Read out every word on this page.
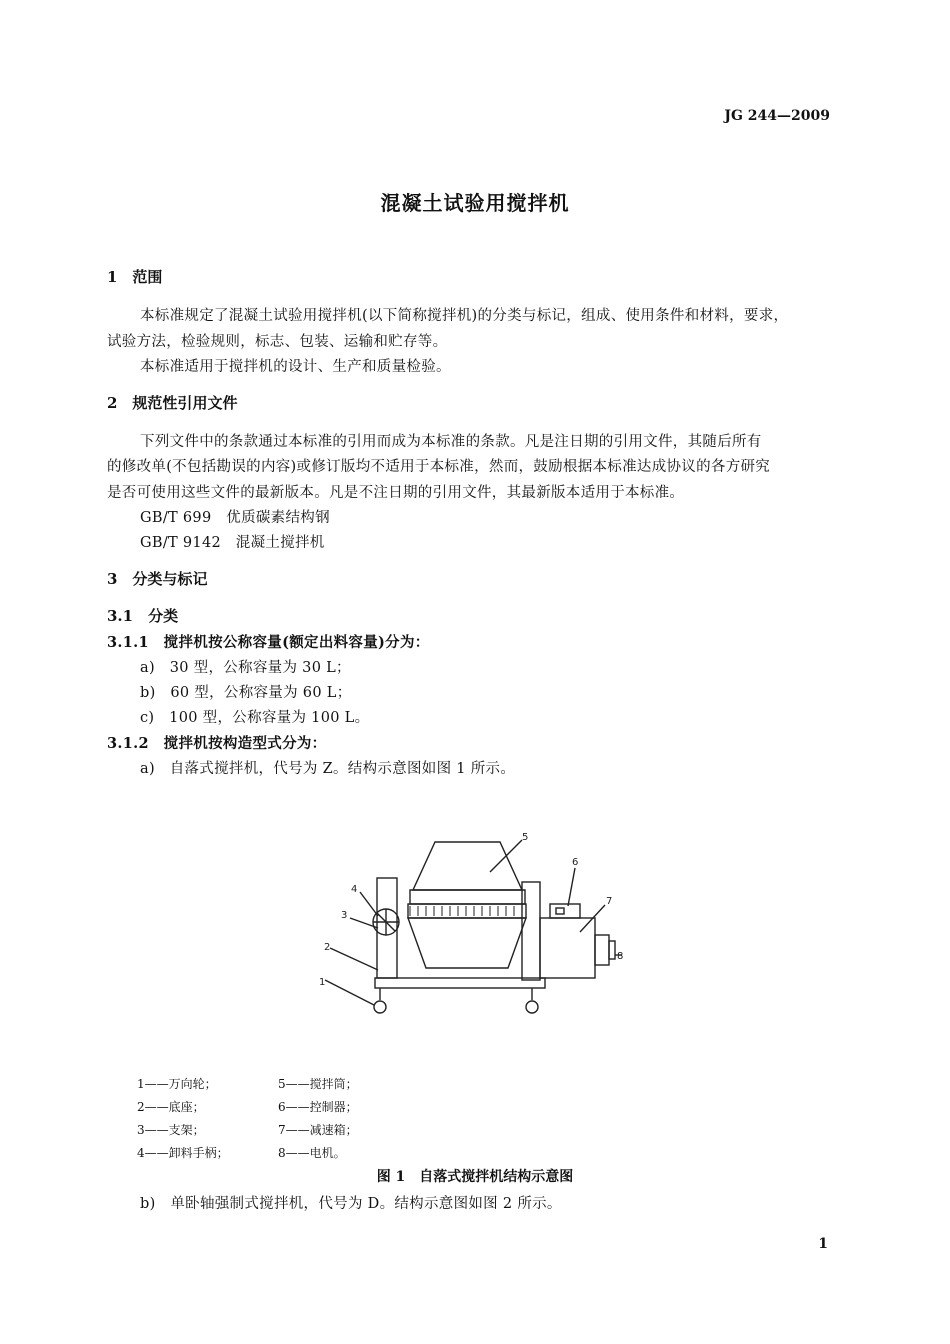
JG 244—2009
混凝土试验用搅拌机
1　范围
本标准规定了混凝土试验用搅拌机(以下简称搅拌机)的分类与标记，组成、使用条件和材料，要求，
试验方法，检验规则，标志、包装、运输和贮存等。
本标准适用于搅拌机的设计、生产和质量检验。
2　规范性引用文件
下列文件中的条款通过本标准的引用而成为本标准的条款。凡是注日期的引用文件，其随后所有
的修改单(不包括勘误的内容)或修订版均不适用于本标准，然而，鼓励根据本标准达成协议的各方研究
是否可使用这些文件的最新版本。凡是不注日期的引用文件，其最新版本适用于本标准。
GB/T 699　优质碳素结构钢
GB/T 9142　混凝土搅拌机
3　分类与标记
3.1　分类
3.1.1　搅拌机按公称容量(额定出料容量)分为：
a)　30 型，公称容量为 30 L；
b)　60 型，公称容量为 60 L；
c)　100 型，公称容量为 100 L。
3.1.2　搅拌机按构造型式分为：
a)　自落式搅拌机，代号为 Z。结构示意图如图 1 所示。
1
2
3
4
5
6
7
8
1——万向轮；
2——底座；
3——支架；
4——卸料手柄；
5——搅拌筒；
6——控制器；
7——减速箱；
8——电机。
图 1　自落式搅拌机结构示意图
b)　单卧轴强制式搅拌机，代号为 D。结构示意图如图 2 所示。
1
